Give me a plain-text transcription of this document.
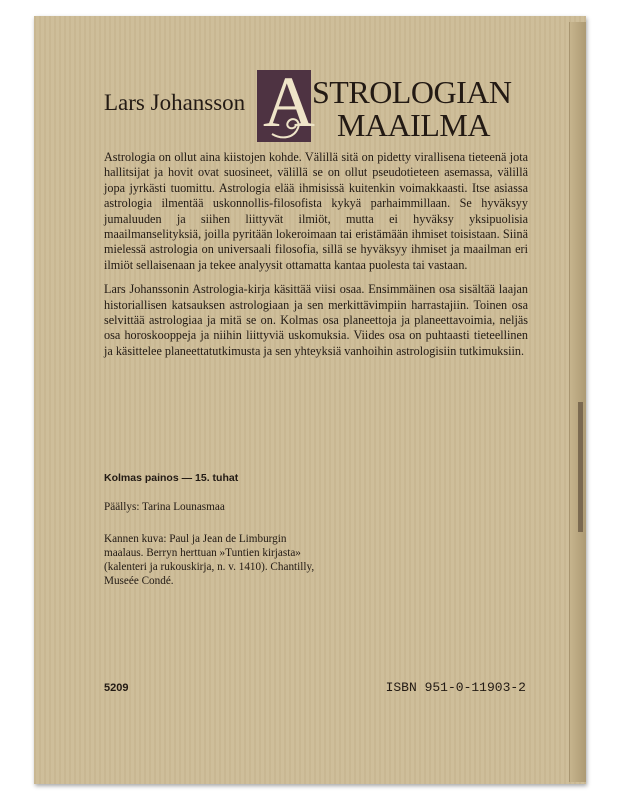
Lars Johansson A
STROLOGIAN
MAAILMA

Astrologia on ollut aina kiistojen kohde. Välillä sitä on pidetty virallisena tieteenä jota hallitsijat ja hovit ovat suosineet, välillä se on ollut pseudotieteen asemassa, välillä jopa jyrkästi tuomittu. Astrologia elää ihmisissä kuitenkin voimakkaasti. Itse asiassa astrologia ilmentää uskonnollis-filosofista kykyä parhaimmillaan. Se hyväksyy jumaluuden ja siihen liittyvät ilmiöt, mutta ei hyväksy yksipuolisia maailmanselityksiä, joilla pyritään lokeroimaan tai eristämään ihmiset toisistaan. Siinä mielessä astrologia on universaali filosofia, sillä se hyväksyy ihmiset ja maailman eri ilmiöt sellaisenaan ja tekee analyysit ottamatta kantaa puolesta tai vastaan.

Lars Johanssonin Astrologia-kirja käsittää viisi osaa. Ensimmäinen osa sisältää laajan historiallisen katsauksen astrologiaan ja sen merkittävimpiin harrastajiin. Toinen osa selvittää astrologiaa ja mitä se on. Kolmas osa planeettoja ja planeettavoimia, neljäs osa horoskooppeja ja niihin liittyviä uskomuksia. Viides osa on puhtaasti tieteellinen ja käsittelee planeettatutkimusta ja sen yhteyksiä vanhoihin astrologisiin tutkimuksiin.

Kolmas painos — 15. tuhat
Päällys: Tarina Lounasmaa
Kannen kuva: Paul ja Jean de Limburgin maalaus. Berryn herttuan »Tuntien kirjasta» (kalenteri ja rukouskirja, n. v. 1410). Chantilly, Museée Condé.
5209	ISBN 951-0-11903-2
